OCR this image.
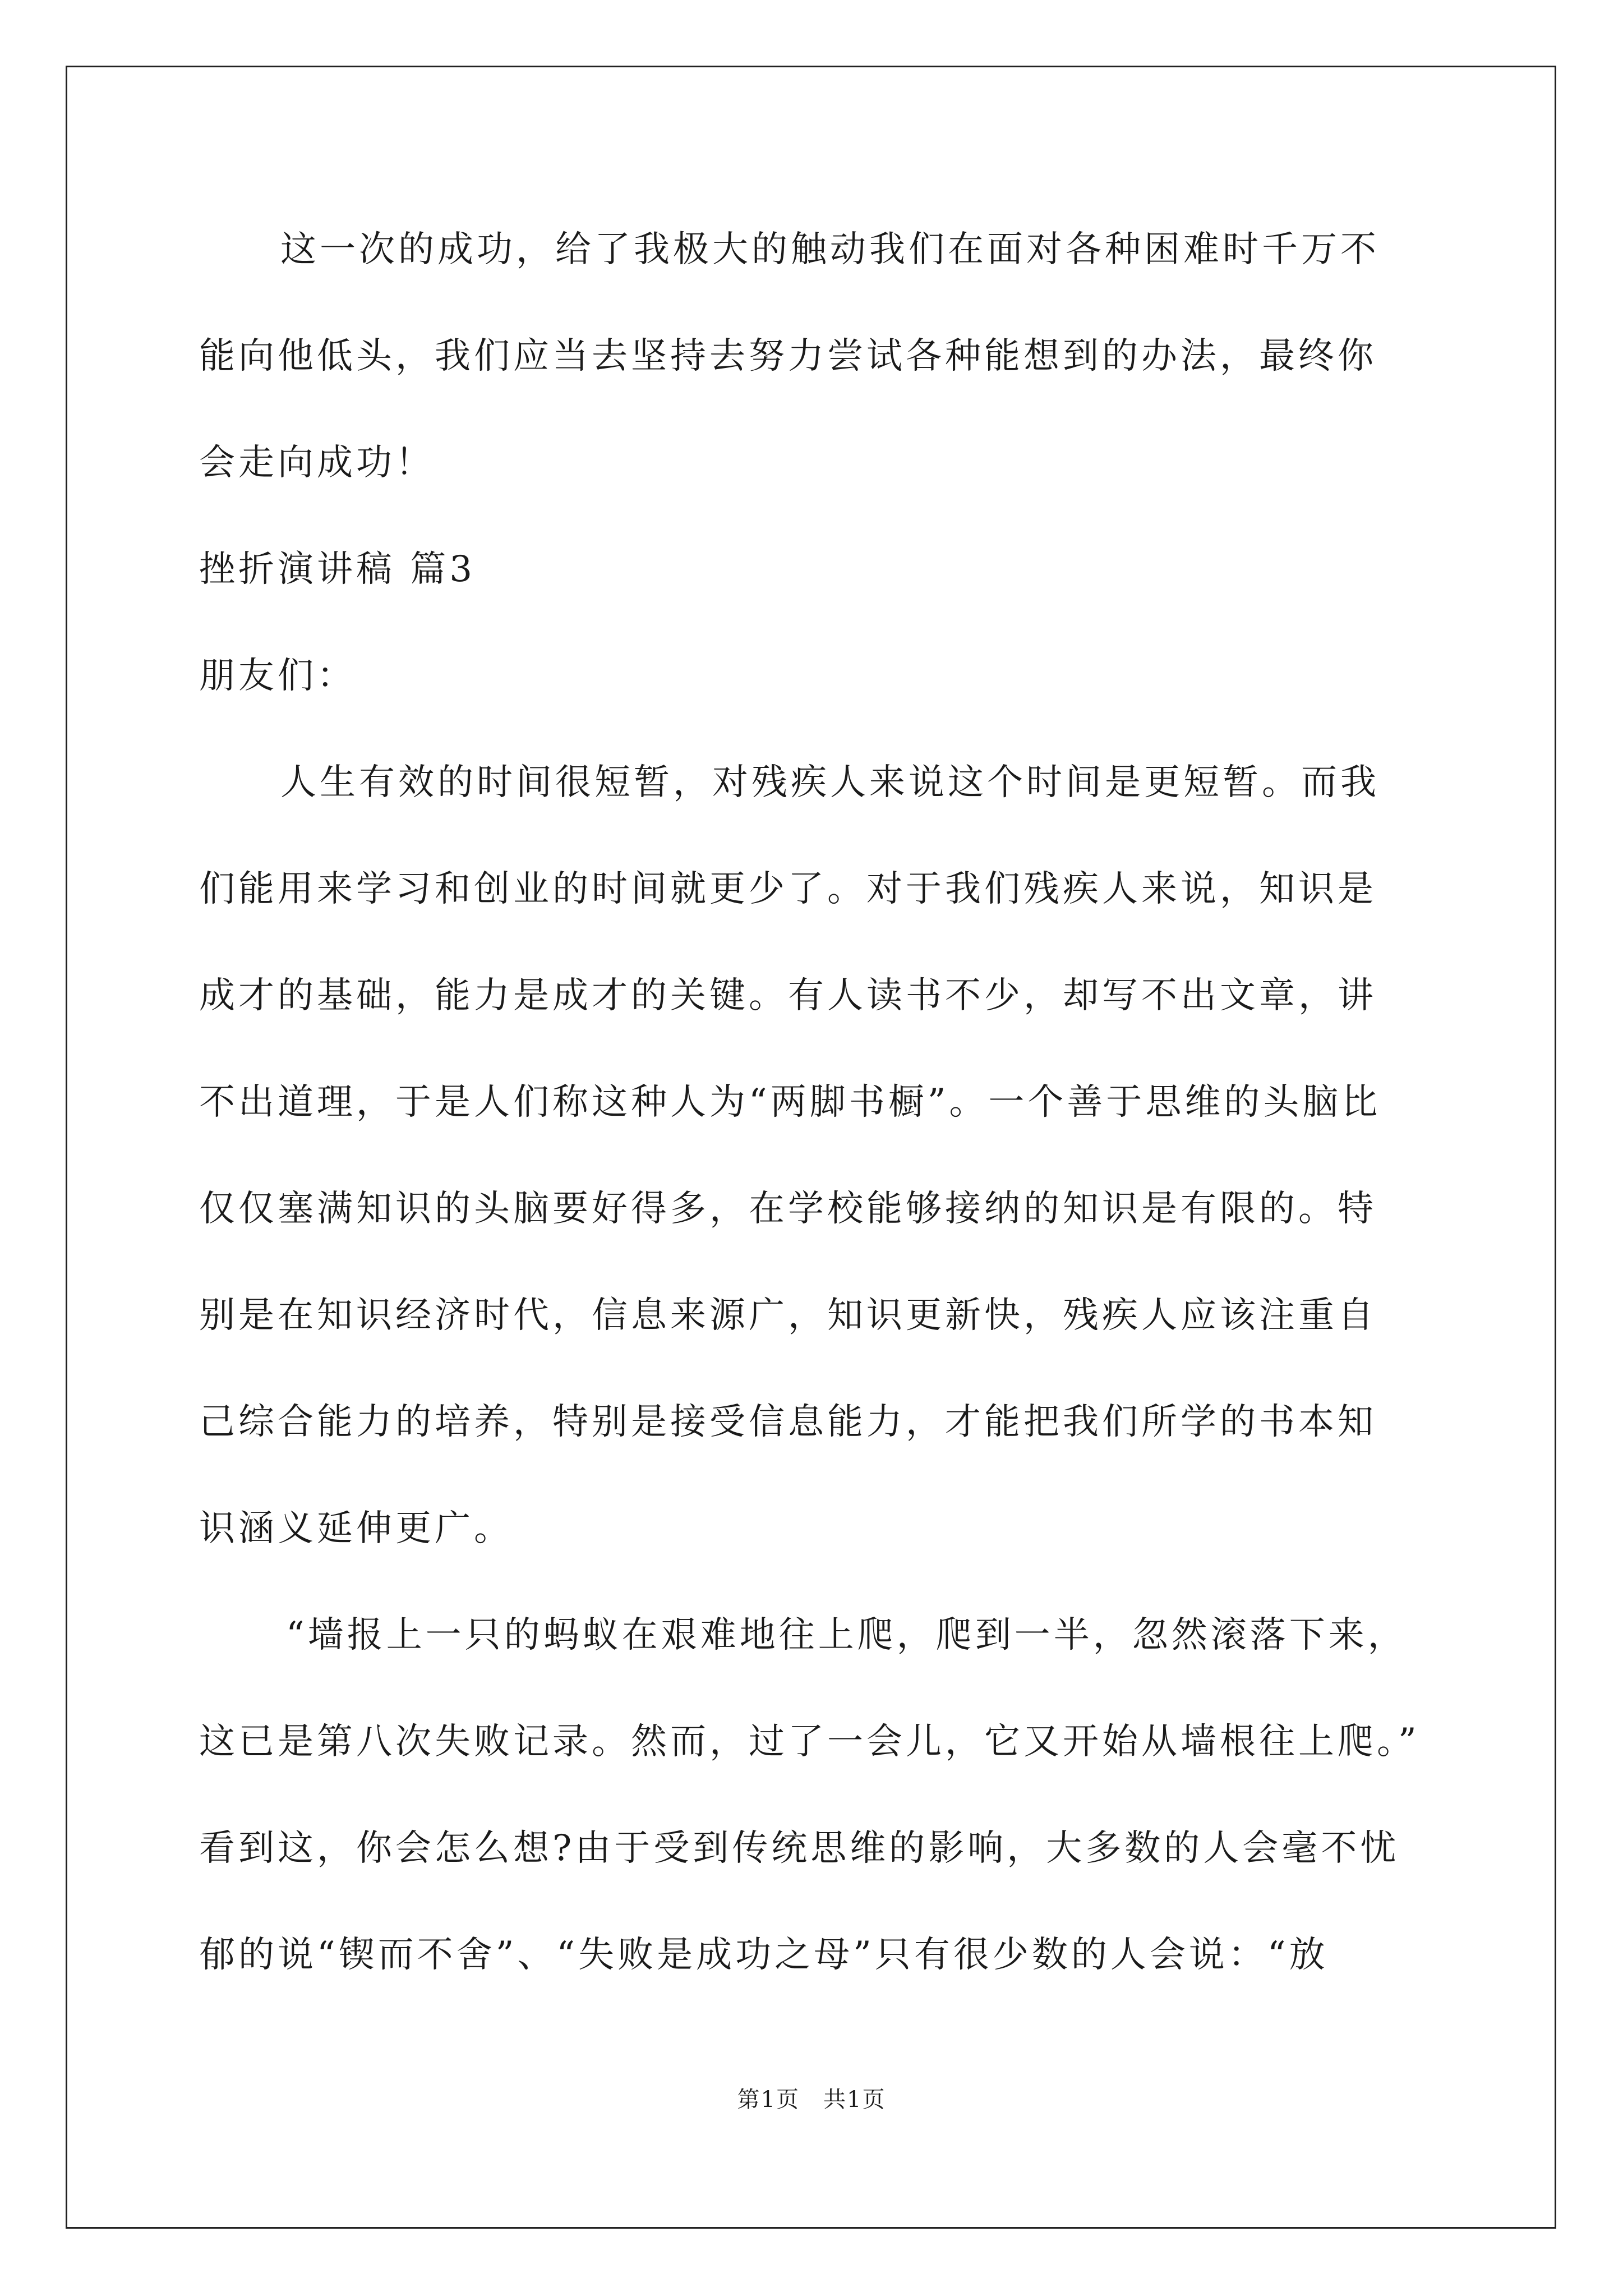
这一次的成功，给了我极大的触动我们在面对各种困难时千万不
能向他低头，我们应当去坚持去努力尝试各种能想到的办法，最终你
会走向成功！
挫折演讲稿 篇3
朋友们：
人生有效的时间很短暂，对残疾人来说这个时间是更短暂。而我
们能用来学习和创业的时间就更少了。对于我们残疾人来说，知识是
成才的基础，能力是成才的关键。有人读书不少，却写不出文章，讲
不出道理，于是人们称这种人为“两脚书橱”。一个善于思维的头脑比
仅仅塞满知识的头脑要好得多，在学校能够接纳的知识是有限的。特
别是在知识经济时代，信息来源广，知识更新快，残疾人应该注重自
己综合能力的培养，特别是接受信息能力，才能把我们所学的书本知
识涵义延伸更广。
“墙报上一只的蚂蚁在艰难地往上爬，爬到一半，忽然滚落下来，
这已是第八次失败记录。然而，过了一会儿，它又开始从墙根往上爬。”
看到这，你会怎么想?由于受到传统思维的影响，大多数的人会毫不忧
郁的说“锲而不舍”、“失败是成功之母”只有很少数的人会说：“放
第1页　共1页
